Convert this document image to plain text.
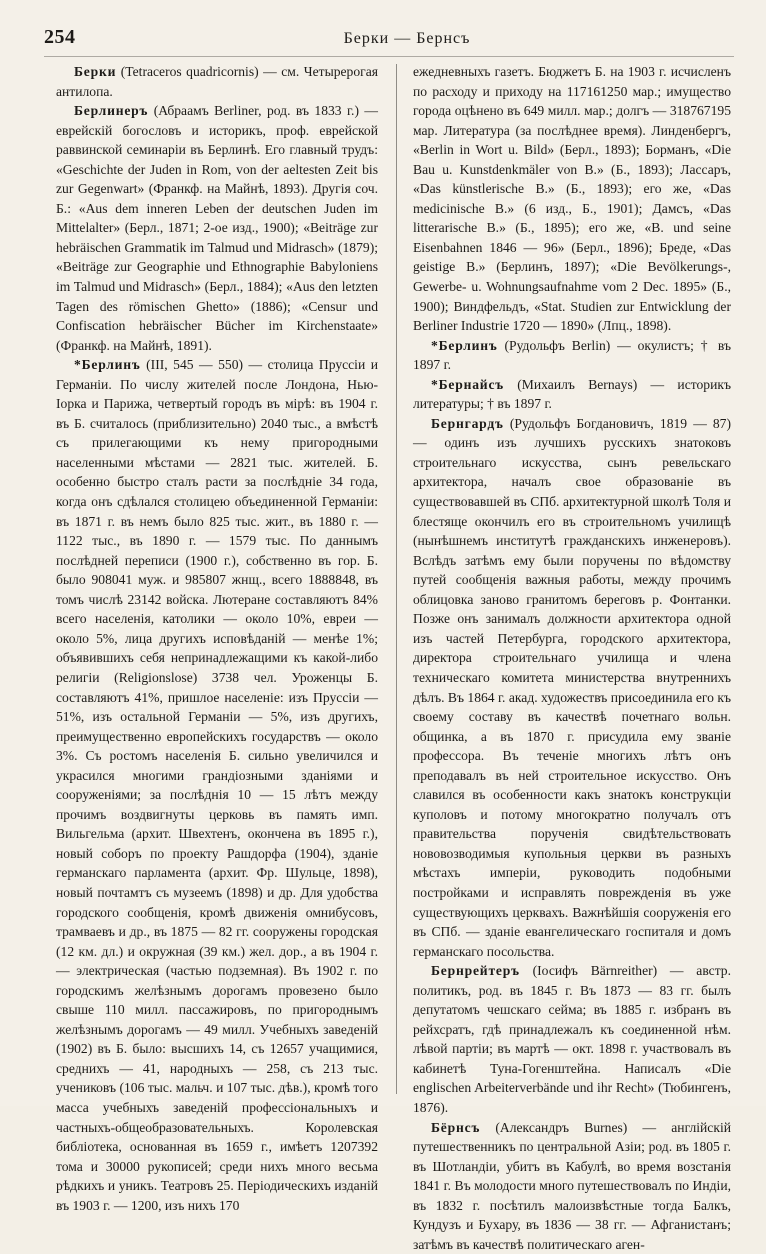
254	Берки — Бернсъ

Берки (Tetraceros quadricornis) — см. Четырерогая антилопа.

Берлинеръ (Абраамъ Berliner, род. въ 1833 г.) — еврейскій богословъ и историкъ, проф. еврейской раввинской семинаріи въ Берлинѣ. Его главный трудъ: «Geschichte der Juden in Rom, von der aeltesten Zeit bis zur Gegenwart» (Франкф. на Майнѣ, 1893). Другія соч. Б.: «Aus dem inneren Leben der deutschen Juden im Mittelalter» (Берл., 1871; 2-ое изд., 1900); «Beiträge zur hebräischen Grammatik im Talmud und Midrasch» (1879); «Beiträge zur Geographie und Ethnographie Babyloniens im Talmud und Midrasch» (Берл., 1884); «Aus den letzten Tagen des römischen Ghetto» (1886); «Censur und Confiscation hebräischer Bücher im Kirchenstaate» (Франкф. на Майнѣ, 1891).

*Берлинъ (III, 545 — 550) — столица Пруссіи и Германіи. По числу жителей после Лондона, Нью-Іорка и Парижа, четвертый городъ въ мірѣ: въ 1904 г. въ Б. считалось (приблизительно) 2040 тыс., а вмѣстѣ съ прилегающими къ нему пригородными населенными мѣстами — 2821 тыс. жителей. Б. особенно быстро сталъ расти за послѣдніе 34 года, когда онъ сдѣлался столицею объединенной Германіи: въ 1871 г. въ немъ было 825 тыс. жит., въ 1880 г. — 1122 тыс., въ 1890 г. — 1579 тыс. По даннымъ послѣдней переписи (1900 г.), собственно въ гор. Б. было 908041 муж. и 985807 жнщ., всего 1888848, въ томъ числѣ 23142 войска. Лютеране составляютъ 84% всего населенія, католики — около 10%, евреи — около 5%, лица другихъ исповѣданій — менѣе 1%; объявившихъ себя непринадлежащими къ какой-либо религіи (Religionslose) 3738 чел. Уроженцы Б. составляютъ 41%, пришлое населеніе: изъ Пруссіи — 51%, изъ остальной Германіи — 5%, изъ другихъ, преимущественно европейскихъ государствъ — около 3%. Съ ростомъ населенія Б. сильно увеличился и украсился многими грандіозными зданіями и сооруженіями; за послѣднія 10 — 15 лѣтъ между прочимъ воздвигнуты церковь въ память имп. Вильгельма (архит. Швехтенъ, окончена въ 1895 г.), новый соборъ по проекту Рашдорфа (1904), зданіе германскаго парламента (архит. Фр. Шульце, 1898), новый почтамтъ съ музеемъ (1898) и др. Для удобства городского сообщенія, кромѣ движенія омнибусовъ, трамваевъ и др., въ 1875 — 82 гг. сооружены городская (12 км. дл.) и окружная (39 км.) жел. дор., а въ 1904 г. — электрическая (частью подземная). Въ 1902 г. по городскимъ желѣзнымъ дорогамъ провезено было свыше 110 милл. пассажировъ, по пригороднымъ желѣзнымъ дорогамъ — 49 милл. Учебныхъ заведеній (1902) въ Б. было: высшихъ 14, съ 12657 учащимися, среднихъ — 41, народныхъ — 258, съ 213 тыс. учениковъ (106 тыс. мальч. и 107 тыс. дѣв.), кромѣ того масса учебныхъ заведеній профессіональныхъ и частныхъ-общеобразовательныхъ. Королевская библіотека, основанная въ 1659 г., имѣетъ 1207392 тома и 30000 рукописей; среди нихъ много весьма рѣдкихъ и уникъ. Театровъ 25. Періодическихъ изданій въ 1903 г. — 1200, изъ нихъ 170

ежедневныхъ газетъ. Бюджетъ Б. на 1903 г. исчисленъ по расходу и приходу на 117161250 мар.; имущество города оцѣнено въ 649 милл. мар.; долгъ — 318767195 мар. Литература (за послѣднее время). Линденбергъ, «Berlin in Wort u. Bild» (Берл., 1893); Борманъ, «Die Bau u. Kunstdenkmäler von B.» (Б., 1893); Лассаръ, «Das künstlerische B.» (Б., 1893); его же, «Das medicinische B.» (6 изд., Б., 1901); Дамсъ, «Das litterarische B.» (Б., 1895); его же, «B. und seine Eisenbahnen 1846 — 96» (Берл., 1896); Бреде, «Das geistige B.» (Берлинъ, 1897); «Die Bevölkerungs-, Gewerbe- u. Wohnungsaufnahme vom 2 Dec. 1895» (Б., 1900); Виндфельдъ, «Stat. Studien zur Entwicklung der Berliner Industrie 1720 — 1890» (Лпц., 1898).

*Берлинъ (Рудольфъ Berlin) — окулистъ; † въ 1897 г.

*Бернайсъ (Михаилъ Bernays) — историкъ литературы; † въ 1897 г.

Бернгардъ (Рудольфъ Богдановичъ, 1819 — 87) — одинъ изъ лучшихъ русскихъ знатоковъ строительнаго искусства, сынъ ревельскаго архитектора, началъ свое образованіе въ существовавшей въ СПб. архитектурной школѣ Толя и блестяще окончилъ его въ строительномъ училищѣ (нынѣшнемъ институтѣ гражданскихъ инженеровъ). Вслѣдъ затѣмъ ему были поручены по вѣдомству путей сообщенія важныя работы, между прочимъ облицовка заново гранитомъ береговъ р. Фонтанки. Позже онъ занималъ должности архитектора одной изъ частей Петербурга, городского архитектора, директора строительнаго училища и члена техническаго комитета министерства внутреннихъ дѣлъ. Въ 1864 г. акад. художествъ присоединила его къ своему составу въ качествѣ почетнаго вольн. общинка, а въ 1870 г. присудила ему званіе профессора. Въ теченіе многихъ лѣтъ онъ преподавалъ въ ней строительное искусство. Онъ славился въ особенности какъ знатокъ конструкціи куполовъ и потому многократно получалъ отъ правительства порученія свидѣтельствовать нововозводимыя купольныя церкви въ разныхъ мѣстахъ имперіи, руководить подобными постройками и исправлять поврежденія въ уже существующихъ церквахъ. Важнѣйшія сооруженія его въ СПб. — зданіе евангелическаго госпиталя и домъ германскаго посольства.

Бернрейтеръ (Іосифъ Bärnreither) — австр. политикъ, род. въ 1845 г. Въ 1873 — 83 гг. былъ депутатомъ чешскаго сейма; въ 1885 г. избранъ въ рейхсратъ, гдѣ принадлежалъ къ соединенной нѣм. лѣвой партіи; въ мартѣ — окт. 1898 г. участвовалъ въ кабинетѣ Туна-Гогенштейна. Написалъ «Die englischen Arbeiterverbände und ihr Recht» (Тюбингенъ, 1876).

Бёрнсъ (Александръ Burnes) — англійскій путешественникъ по центральной Азіи; род. въ 1805 г. въ Шотландіи, убитъ въ Кабулѣ, во время возстанія 1841 г. Въ молодости много путешествовалъ по Индіи, въ 1832 г. посѣтилъ малоизвѣстные тогда Балкъ, Кундузъ и Бухару, въ 1836 — 38 гг. — Афганистанъ; затѣмъ въ качествѣ политическаго аген-
